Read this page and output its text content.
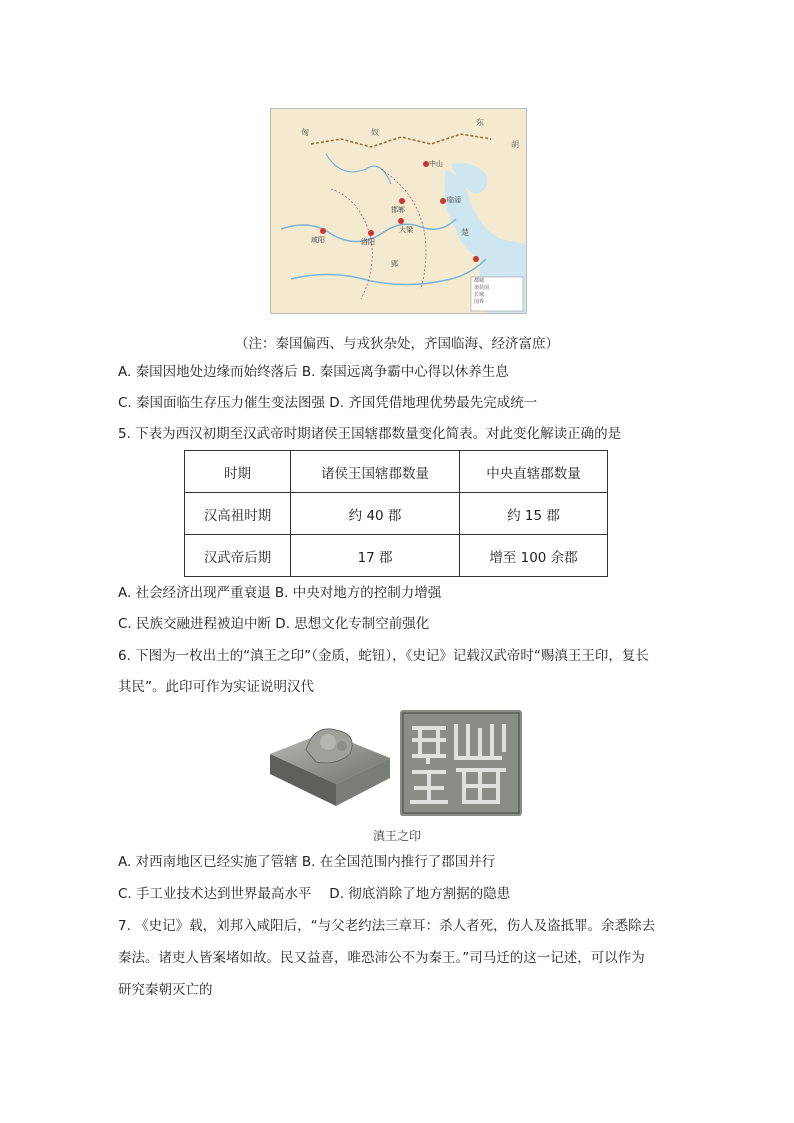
东
胡
匈	奴
咸阳	洛阳
邯郸
临淄
大梁
中山
郢
楚
都城
诸侯国
长城
国界
（注：秦国偏西、与戎狄杂处，齐国临海、经济富庶）
A. 秦国因地处边缘而始终落后 B. 秦国远离争霸中心得以休养生息
C. 秦国面临生存压力催生变法图强 D. 齐国凭借地理优势最先完成统一
5. 下表为西汉初期至汉武帝时期诸侯王国辖郡数量变化简表。对此变化解读正确的是
时期	诸侯王国辖郡数量	中央直辖郡数量
汉高祖时期	约 40 郡	约 15 郡
汉武帝后期	17 郡	增至 100 余郡
A. 社会经济出现严重衰退 B. 中央对地方的控制力增强
C. 民族交融进程被迫中断 D. 思想文化专制空前强化
6. 下图为一枚出土的“滇王之印”（金质，蛇钮），《史记》记载汉武帝时“赐滇王王印，复长
其民”。此印可作为实证说明汉代
滇王之印
A. 对西南地区已经实施了管辖 B. 在全国范围内推行了郡国并行
C. 手工业技术达到世界最高水平　 D. 彻底消除了地方割据的隐患
7. 《史记》载，刘邦入咸阳后，“与父老约法三章耳：杀人者死，伤人及盗抵罪。余悉除去
秦法。诸吏人皆案堵如故。民又益喜，唯恐沛公不为秦王。”司马迁的这一记述，可以作为
研究秦朝灭亡的
